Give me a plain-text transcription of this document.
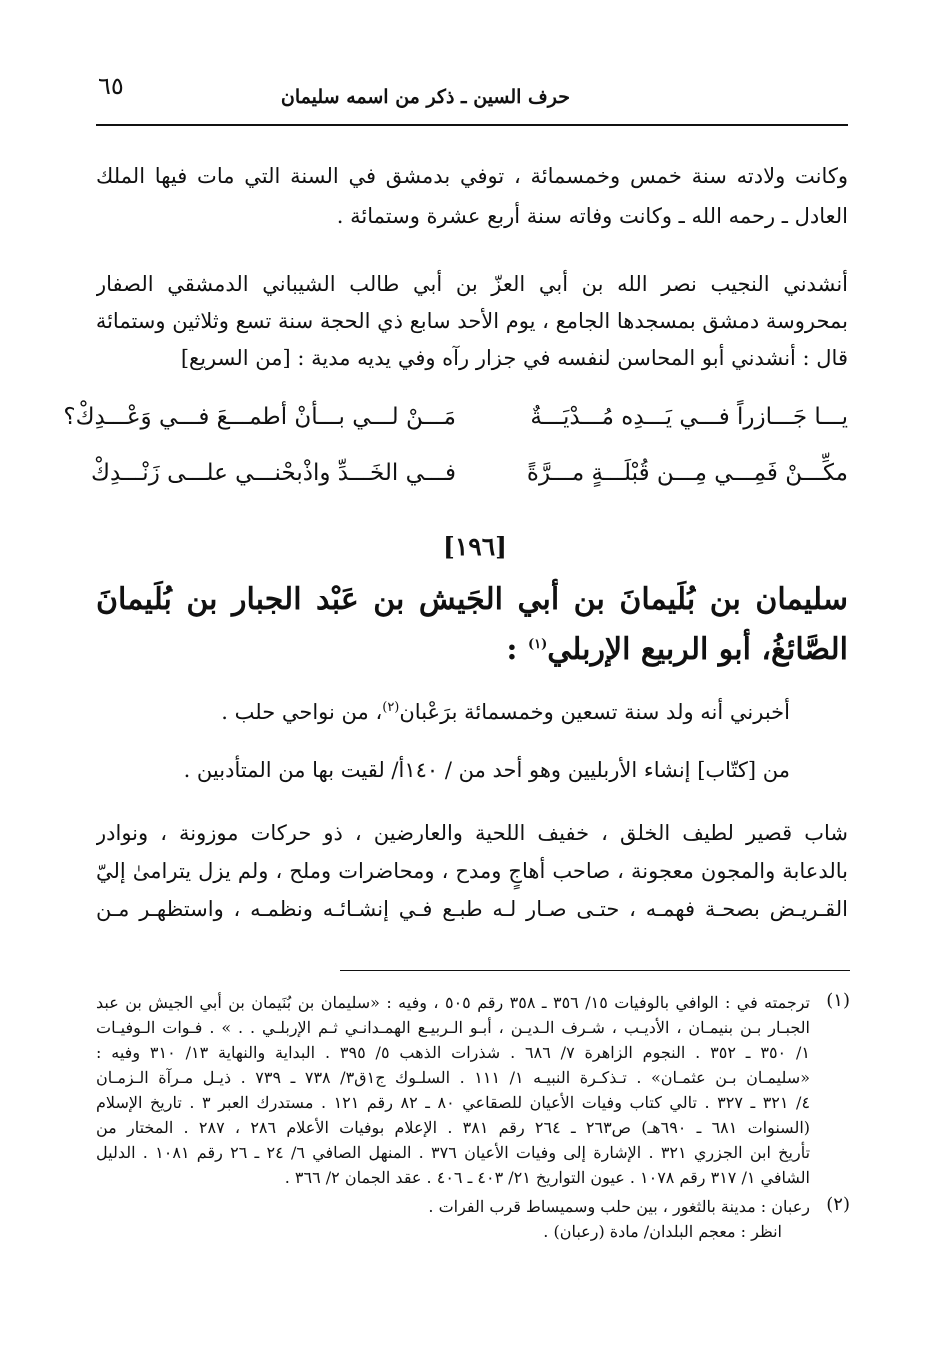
٦٥	حرف السين ـ ذكر من اسمه سليمان
وكانت ولادته سنة خمس وخمسمائة ، توفي بدمشق في السنة التي مات فيها الملك
العادل ـ رحمه الله ـ وكانت وفاته سنة أربع عشرة وستمائة .
أنشدني النجيب نصر الله بن أبي العزّ بن أبي طالب الشيباني الدمشقي الصفار
بمحروسة دمشق بمسجدها الجامع ، يوم الأحد سابع ذي الحجة سنة تسع وثلاثين وستمائة
قال : أنشدني أبو المحاسن لنفسه في جزار رآه وفي يديه مدية : [من السريع]
يـــا جَـــازراً فـــي يَـــدِه مُـــدْيَـــةٌ
مَـــنْ لـــي بـــأنْ أطمـــعَ فـــي وَعْـــدِكْ؟
مكِّـــنْ فَمِـــي مِـــن قُبْلَـــةٍ مـــرَّةً
فـــي الخَـــدِّ واذْبحْنـــي علـــى زَنْـــدِكْ
[١٩٦]
سليمان بن بُلَيمانَ بن أبي الجَيش بن عَبْد الجبار بن بُلَيمانَ
الصَّائغُ، أبو الربيع الإربلي$^{(١)}$ :
أخبرني أنه ولد سنة تسعين وخمسمائة برَعْبان$^{(٢)}$، من نواحي حلب .
من [كتّاب] إنشاء الأربليين وهو أحد من / ١٤٠أ/ لقيت بها من المتأدبين .
شاب قصير لطيف الخلق ، خفيف اللحية والعارضين ، ذو حركات موزونة ، ونوادر
بالدعابة والمجون معجونة ، صاحب أهاجٍ ومدح ، ومحاضرات وملح ، ولم يزل يترامىٰ إليّ
القـريـض بصحـة فهمـه ، حتـى صـار لـه طبـع فـي إنشـائـه ونظمـه ، واستظهـر مـن
(١)
ترجمته في : الوافي بالوفيات ١٥/ ٣٥٦ ـ ٣٥٨ رقم ٥٠٥ ، وفيه : «سليمان بن بُنَيمان بن أبي الجيش بن عبد
الجبـار بـن بنيمـان ، الأديـب ، شـرف الـديـن ، أبـو الـربيـع الهمـدانـي ثـم الإربلـي . . » . فـوات الـوفيـات
١/ ٣٥٠ ـ ٣٥٢ . النجوم الزاهرة ٧/ ٦٨٦ . شذرات الذهب ٥/ ٣٩٥ . البداية والنهاية ١٣/ ٣١٠ وفيه :
«سليمـان بـن عثمـان» . تـذكـرة النبيـه ١/ ١١١ . السلـوك ج١ق٣/ ٧٣٨ ـ ٧٣٩ . ذيـل مـرآة الـزمـان
٤/ ٣٢١ ـ ٣٢٧ . تالي كتاب وفيات الأعيان للصقاعي ٨٠ ـ ٨٢ رقم ١٢١ . مستدرك العبر ٣ . تاريخ الإسلام
(السنوات ٦٨١ ـ ٦٩٠هـ) ص٢٦٣ ـ ٢٦٤ رقم ٣٨١ . الإعلام بوفيات الأعلام ٢٨٦ ، ٢٨٧ . المختار من
تأريخ ابن الجزري ٣٢١ . الإشارة إلى وفيات الأعيان ٣٧٦ . المنهل الصافي ٦/ ٢٤ ـ ٢٦ رقم ١٠٨١ . الدليل
الشافي ١/ ٣١٧ رقم ١٠٧٨ . عيون التواريخ ٢١/ ٤٠٣ ـ ٤٠٦ . عقد الجمان ٢/ ٣٦٦ .
(٢)
رعبان : مدينة بالثغور ، بين حلب وسميساط قرب الفرات .
انظر : معجم البلدان/ مادة (رعبان) .
